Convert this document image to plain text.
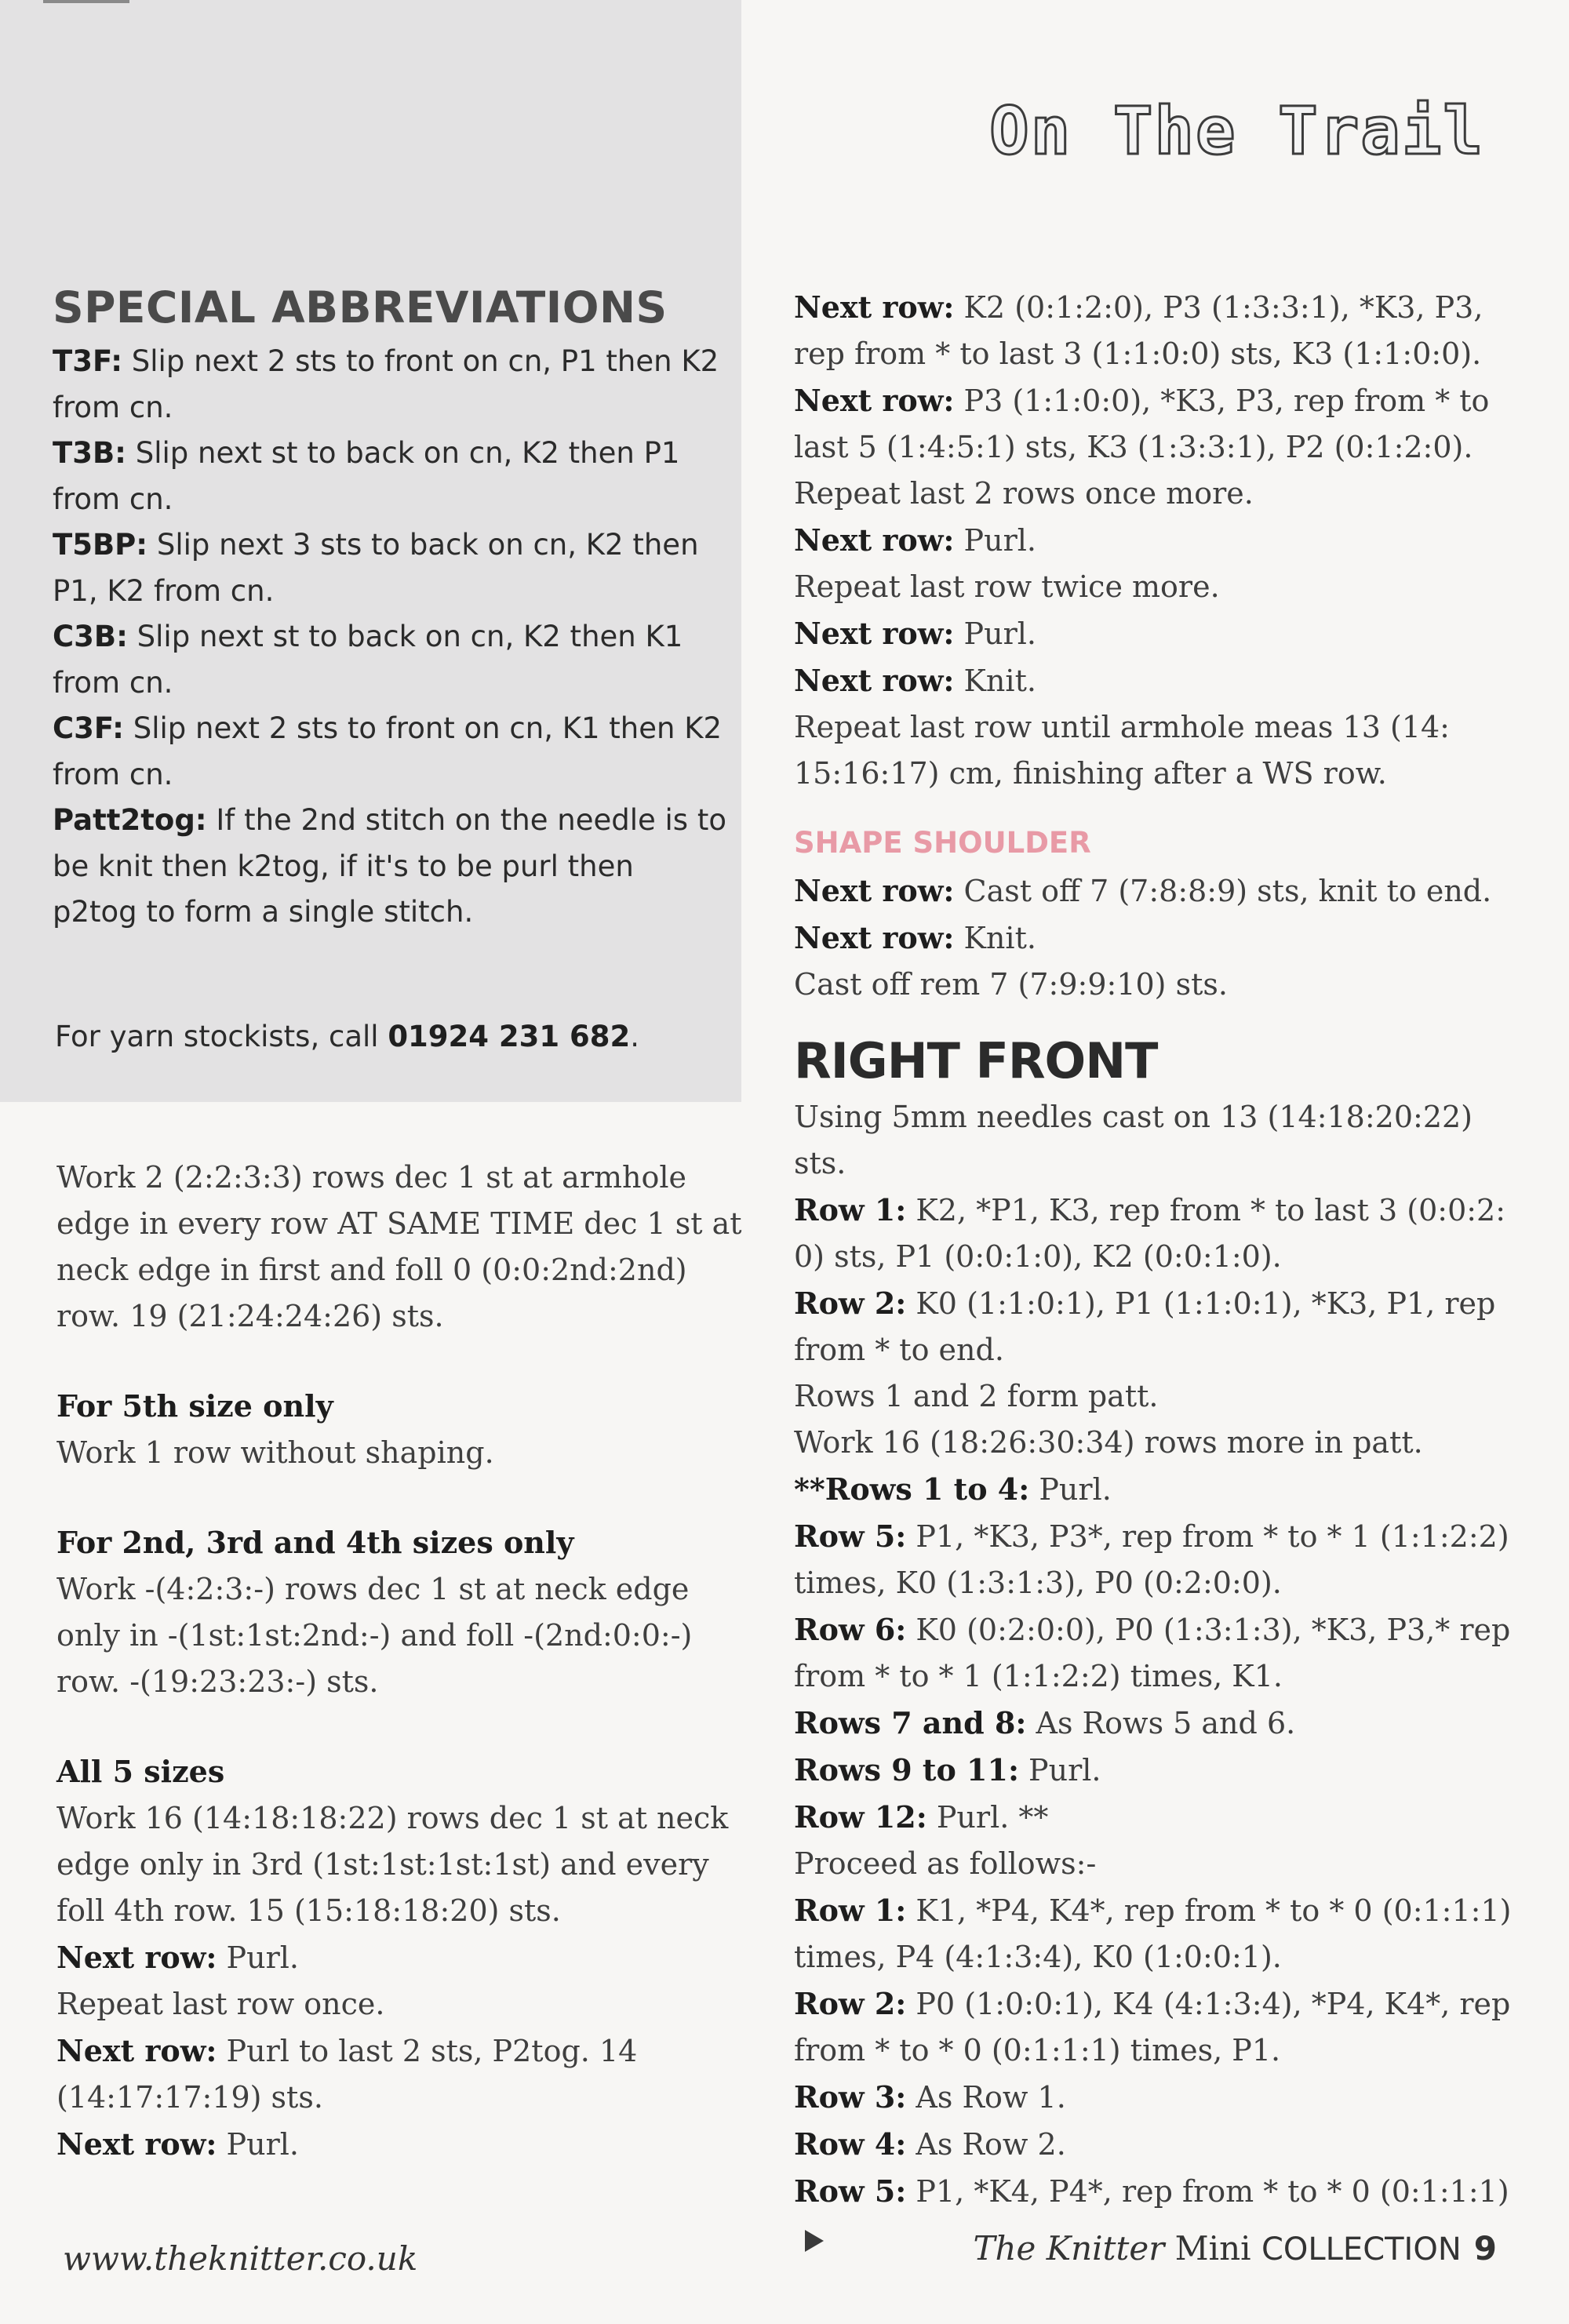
On The Trail
SPECIAL ABBREVIATIONS

T3F: Slip next 2 sts to front on cn, P1 then K2 from cn.

T3B: Slip next st to back on cn, K2 then P1 from cn.

T5BP: Slip next 3 sts to back on cn, K2 then P1, K2 from cn.

C3B: Slip next st to back on cn, K2 then K1 from cn.

C3F: Slip next 2 sts to front on cn, K1 then K2 from cn.

Patt2tog: If the 2nd stitch on the needle is to be knit then k2tog, if it's to be purl then p2tog to form a single stitch.

For yarn stockists, call 01924 231 682.

Work 2 (2:2:3:3) rows dec 1 st at armhole edge in every row AT SAME TIME dec 1 st at neck edge in first and foll 0 (0:0:2nd:2nd) row. 19 (21:24:24:26) sts.

For 5th size only

Work 1 row without shaping.

For 2nd, 3rd and 4th sizes only

Work -(4:2:3:-) rows dec 1 st at neck edge only in -(1st:1st:2nd:-) and foll -(2nd:0:0:-) row. -(19:23:23:-) sts.

All 5 sizes

Work 16 (14:18:18:22) rows dec 1 st at neck edge only in 3rd (1st:1st:1st:1st) and every foll 4th row. 15 (15:18:18:20) sts.

Next row: Purl.

Repeat last row once.

Next row: Purl to last 2 sts, P2tog. 14 (14:17:17:19) sts.

Next row: Purl.

Next row: K2 (0:1:2:0), P3 (1:3:3:1), *K3, P3, rep from * to last 3 (1:1:0:0) sts, K3 (1:1:0:0).

Next row: P3 (1:1:0:0), *K3, P3, rep from * to last 5 (1:4:5:1) sts, K3 (1:3:3:1), P2 (0:1:2:0).

Repeat last 2 rows once more.

Next row: Purl.

Repeat last row twice more.

Next row: Purl.

Next row: Knit.

Repeat last row until armhole meas 13 (14: 15:16:17) cm, finishing after a WS row.

SHAPE SHOULDER

Next row: Cast off 7 (7:8:8:9) sts, knit to end.

Next row: Knit.

Cast off rem 7 (7:9:9:10) sts.

RIGHT FRONT

Using 5mm needles cast on 13 (14:18:20:22) sts.

Row 1: K2, *P1, K3, rep from * to last 3 (0:0:2: 0) sts, P1 (0:0:1:0), K2 (0:0:1:0).

Row 2: K0 (1:1:0:1), P1 (1:1:0:1), *K3, P1, rep from * to end.

Rows 1 and 2 form patt.

Work 16 (18:26:30:34) rows more in patt.

**Rows 1 to 4: Purl.

Row 5: P1, *K3, P3*, rep from * to * 1 (1:1:2:2) times, K0 (1:3:1:3), P0 (0:2:0:0).

Row 6: K0 (0:2:0:0), P0 (1:3:1:3), *K3, P3,* rep from * to * 1 (1:1:2:2) times, K1.

Rows 7 and 8: As Rows 5 and 6.

Rows 9 to 11: Purl.

Row 12: Purl. **

Proceed as follows:-

Row 1: K1, *P4, K4*, rep from * to * 0 (0:1:1:1) times, P4 (4:1:3:4), K0 (1:0:0:1).

Row 2: P0 (1:0:0:1), K4 (4:1:3:4), *P4, K4*, rep from * to * 0 (0:1:1:1) times, P1.

Row 3: As Row 1.

Row 4: As Row 2.

Row 5: P1, *K4, P4*, rep from * to * 0 (0:1:1:1)

www.theknitter.co.uk	The Knitter Mini COLLECTION 9
